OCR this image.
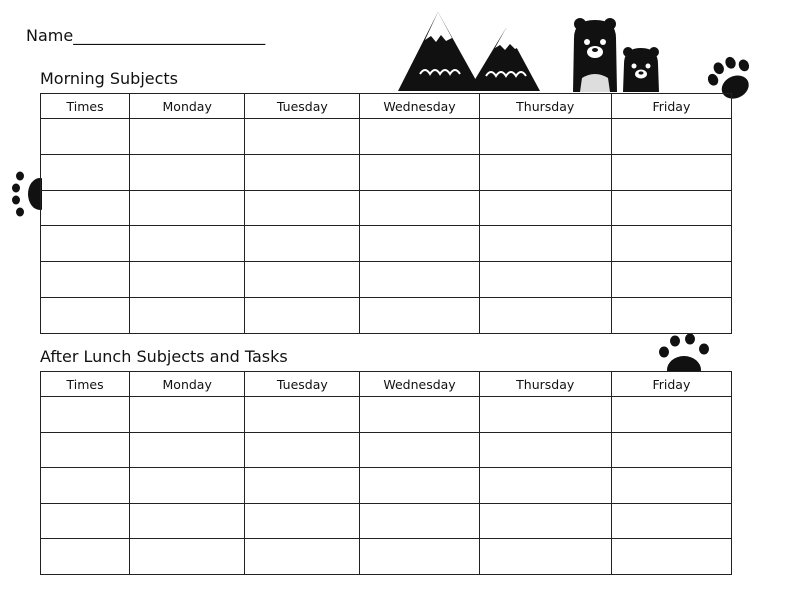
Name________________________
Morning Subjects
Times	Monday	Tuesday	Wednesday	Thursday	Friday

After Lunch Subjects and Tasks
Times	Monday	Tuesday	Wednesday	Thursday	Friday
